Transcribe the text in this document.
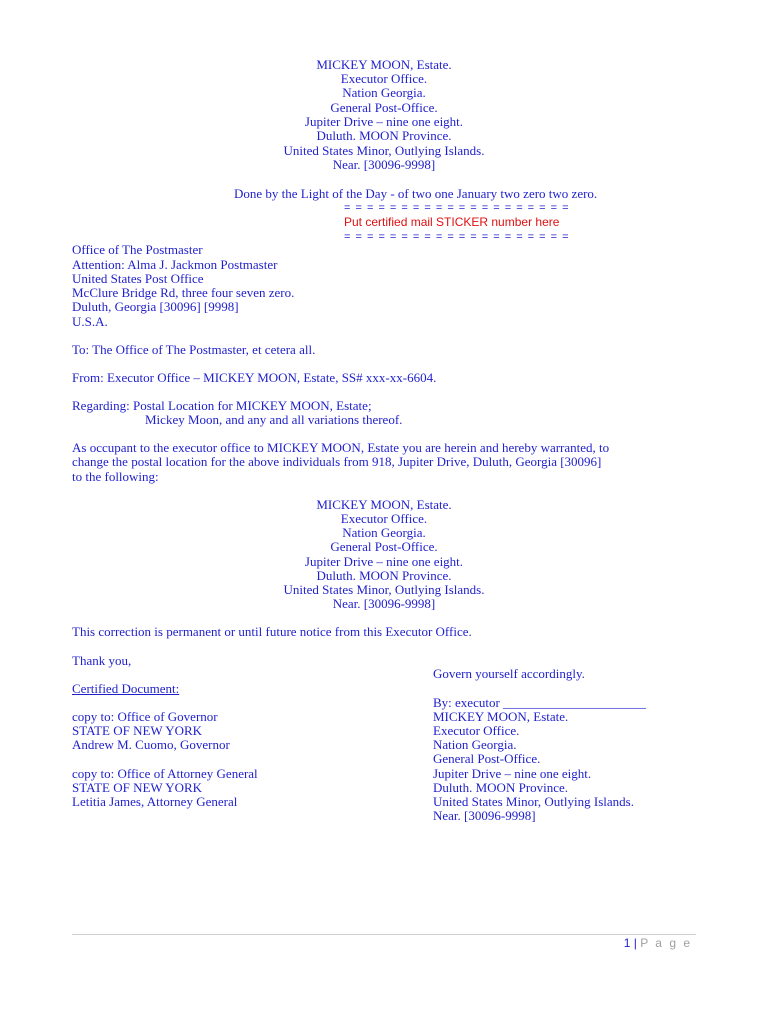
MICKEY MOON, Estate.
Executor Office.
Nation Georgia.
General Post-Office.
Jupiter Drive – nine one eight.
Duluth. MOON Province.
United States Minor, Outlying Islands.
Near. [30096-9998]
Done by the Light of the Day - of two one January two zero two zero.
= = = = = = = = = = = = = = = = = = = =
Put certified mail STICKER number here
= = = = = = = = = = = = = = = = = = = =
Office of The Postmaster
Attention: Alma J. Jackmon Postmaster
United States Post Office
McClure Bridge Rd, three four seven zero.
Duluth, Georgia [30096] [9998]
U.S.A.
To: The Office of The Postmaster, et cetera all.
From: Executor Office – MICKEY MOON, Estate, SS# xxx-xx-6604.
Regarding: Postal Location for MICKEY MOON, Estate;
Mickey Moon, and any and all variations thereof.
As occupant to the executor office to MICKEY MOON, Estate you are herein and hereby warranted, to
change the postal location for the above individuals from 918, Jupiter Drive, Duluth, Georgia [30096]
to the following:
MICKEY MOON, Estate.
Executor Office.
Nation Georgia.
General Post-Office.
Jupiter Drive – nine one eight.
Duluth. MOON Province.
United States Minor, Outlying Islands.
Near. [30096-9998]
This correction is permanent or until future notice from this Executor Office.
Thank you,
Certified Document:
copy to: Office of Governor
STATE OF NEW YORK
Andrew M. Cuomo, Governor
copy to: Office of Attorney General
STATE OF NEW YORK
Letitia James, Attorney General
Govern yourself accordingly.
By: executor ______________________
MICKEY MOON, Estate.
Executor Office.
Nation Georgia.
General Post-Office.
Jupiter Drive – nine one eight.
Duluth. MOON Province.
United States Minor, Outlying Islands.
Near. [30096-9998]
1 | P a g e
